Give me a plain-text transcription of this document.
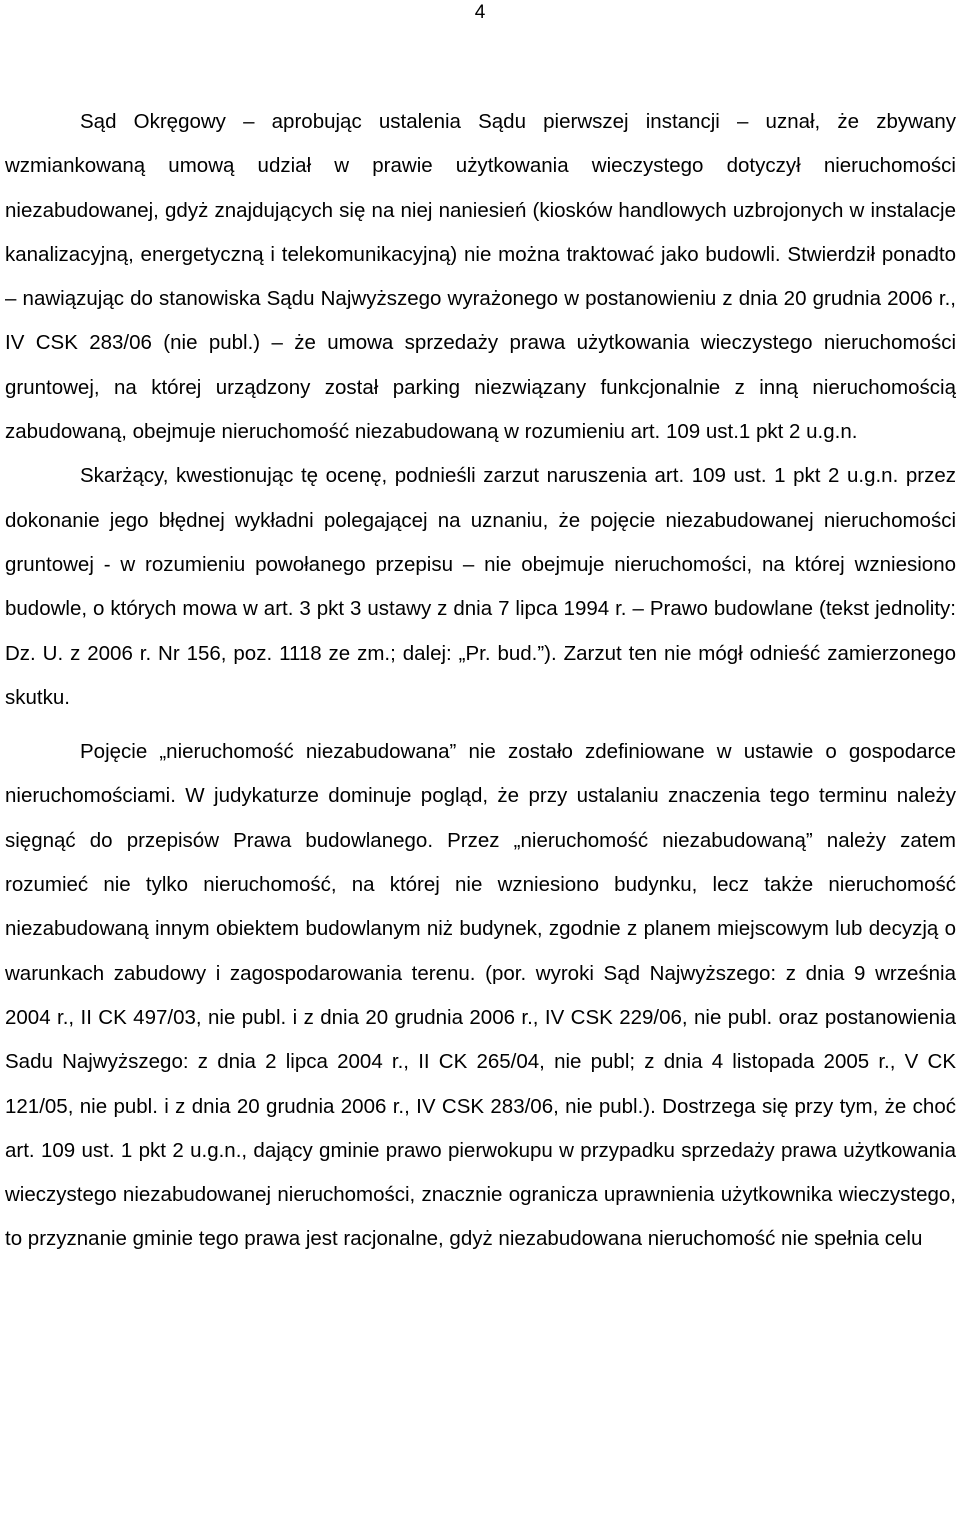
4

Sąd Okręgowy – aprobując ustalenia Sądu pierwszej instancji – uznał, że zbywany wzmiankowaną umową udział w prawie użytkowania wieczystego dotyczył nieruchomości niezabudowanej, gdyż znajdujących się na niej naniesień (kiosków handlowych uzbrojonych w instalacje kanalizacyjną, energetyczną i telekomunikacyjną) nie można traktować jako budowli. Stwierdził ponadto – nawiązując do stanowiska Sądu Najwyższego wyrażonego w postanowieniu z dnia 20 grudnia 2006 r., IV CSK 283/06 (nie publ.) – że umowa sprzedaży prawa użytkowania wieczystego nieruchomości gruntowej, na której urządzony został parking niezwiązany funkcjonalnie z inną nieruchomością zabudowaną, obejmuje nieruchomość niezabudowaną w rozumieniu art. 109 ust.1 pkt 2 u.g.n.

Skarżący, kwestionując tę ocenę, podnieśli zarzut naruszenia art. 109 ust. 1 pkt 2 u.g.n. przez dokonanie jego błędnej wykładni polegającej na uznaniu, że pojęcie niezabudowanej nieruchomości gruntowej - w rozumieniu powołanego przepisu – nie obejmuje nieruchomości, na której wzniesiono budowle, o których mowa w art. 3 pkt 3 ustawy z dnia 7 lipca 1994 r. – Prawo budowlane (tekst jednolity: Dz. U. z 2006 r. Nr 156, poz. 1118 ze zm.; dalej: „Pr. bud.”). Zarzut ten nie mógł odnieść zamierzonego skutku.

Pojęcie „nieruchomość niezabudowana” nie zostało zdefiniowane w ustawie o gospodarce nieruchomościami. W judykaturze dominuje pogląd, że przy ustalaniu znaczenia tego terminu należy sięgnąć do przepisów Prawa budowlanego. Przez „nieruchomość niezabudowaną” należy zatem rozumieć nie tylko nieruchomość, na której nie wzniesiono budynku, lecz także nieruchomość niezabudowaną innym obiektem budowlanym niż budynek, zgodnie z planem miejscowym lub decyzją o warunkach zabudowy i zagospodarowania terenu. (por. wyroki Sąd Najwyższego: z dnia 9 września 2004 r., II CK 497/03, nie publ. i z dnia 20 grudnia 2006 r., IV CSK 229/06, nie publ. oraz postanowienia Sadu Najwyższego: z dnia 2 lipca 2004 r., II CK 265/04, nie publ; z dnia 4 listopada 2005 r., V CK 121/05, nie publ. i z dnia 20 grudnia 2006 r., IV CSK 283/06, nie publ.). Dostrzega się przy tym, że choć art. 109 ust. 1 pkt 2 u.g.n., dający gminie prawo pierwokupu w przypadku sprzedaży prawa użytkowania wieczystego niezabudowanej nieruchomości, znacznie ogranicza uprawnienia użytkownika wieczystego, to przyznanie gminie tego prawa jest racjonalne, gdyż niezabudowana nieruchomość nie spełnia celu
